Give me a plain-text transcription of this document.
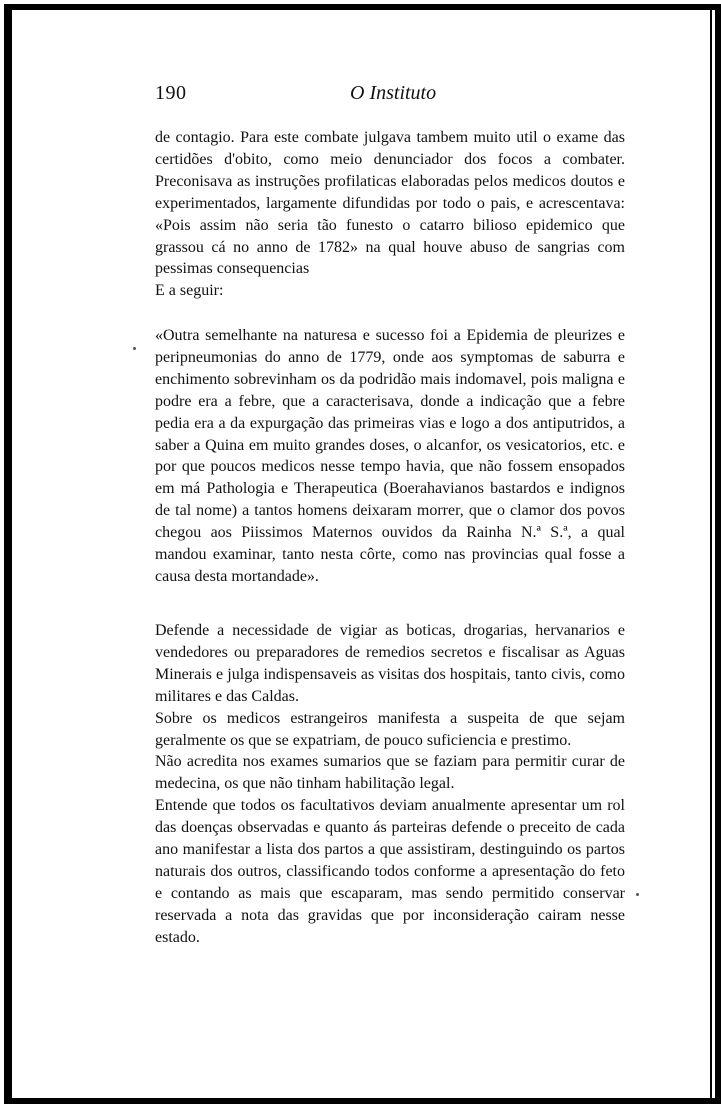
190	O Instituto

de contagio. Para este combate julgava tambem muito util o exame das certidões d'obito, como meio denunciador dos focos a combater. Preconisava as instruções profilaticas elaboradas pelos medicos doutos e experimentados, largamente difundidas por todo o pais, e acrescentava: «Pois assim não seria tão funesto o catarro bilioso epidemico que grassou cá no anno de 1782» na qual houve abuso de sangrias com pessimas consequencias

E a seguir:

«Outra semelhante na naturesa e sucesso foi a Epidemia de pleurizes e peripneumonias do anno de 1779, onde aos symptomas de saburra e enchimento sobrevinham os da podridão mais indomavel, pois maligna e podre era a febre, que a caracterisava, donde a indicação que a febre pedia era a da expurgação das primeiras vias e logo a dos antiputridos, a saber a Quina em muito grandes doses, o alcanfor, os vesicatorios, etc. e por que poucos medicos nesse tempo havia, que não fossem ensopados em má Pathologia e Therapeutica (Boerahavianos bastardos e indignos de tal nome) a tantos homens deixaram morrer, que o clamor dos povos chegou aos Piissimos Maternos ouvidos da Rainha N.ª S.ª, a qual mandou examinar, tanto nesta côrte, como nas provincias qual fosse a causa desta mortandade».

Defende a necessidade de vigiar as boticas, drogarias, hervanarios e vendedores ou preparadores de remedios secretos e fiscalisar as Aguas Minerais e julga indispensaveis as visitas dos hospitais, tanto civis, como militares e das Caldas.

Sobre os medicos estrangeiros manifesta a suspeita de que sejam geralmente os que se expatriam, de pouco suficiencia e prestimo.

Não acredita nos exames sumarios que se faziam para permitir curar de medecina, os que não tinham habilitação legal.

Entende que todos os facultativos deviam anualmente apresentar um rol das doenças observadas e quanto ás parteiras defende o preceito de cada ano manifestar a lista dos partos a que assistiram, destinguindo os partos naturais dos outros, classificando todos conforme a apresentação do feto e contando as mais que escaparam, mas sendo permitido conservar reservada a nota das gravidas que por inconsideração cairam nesse estado.
